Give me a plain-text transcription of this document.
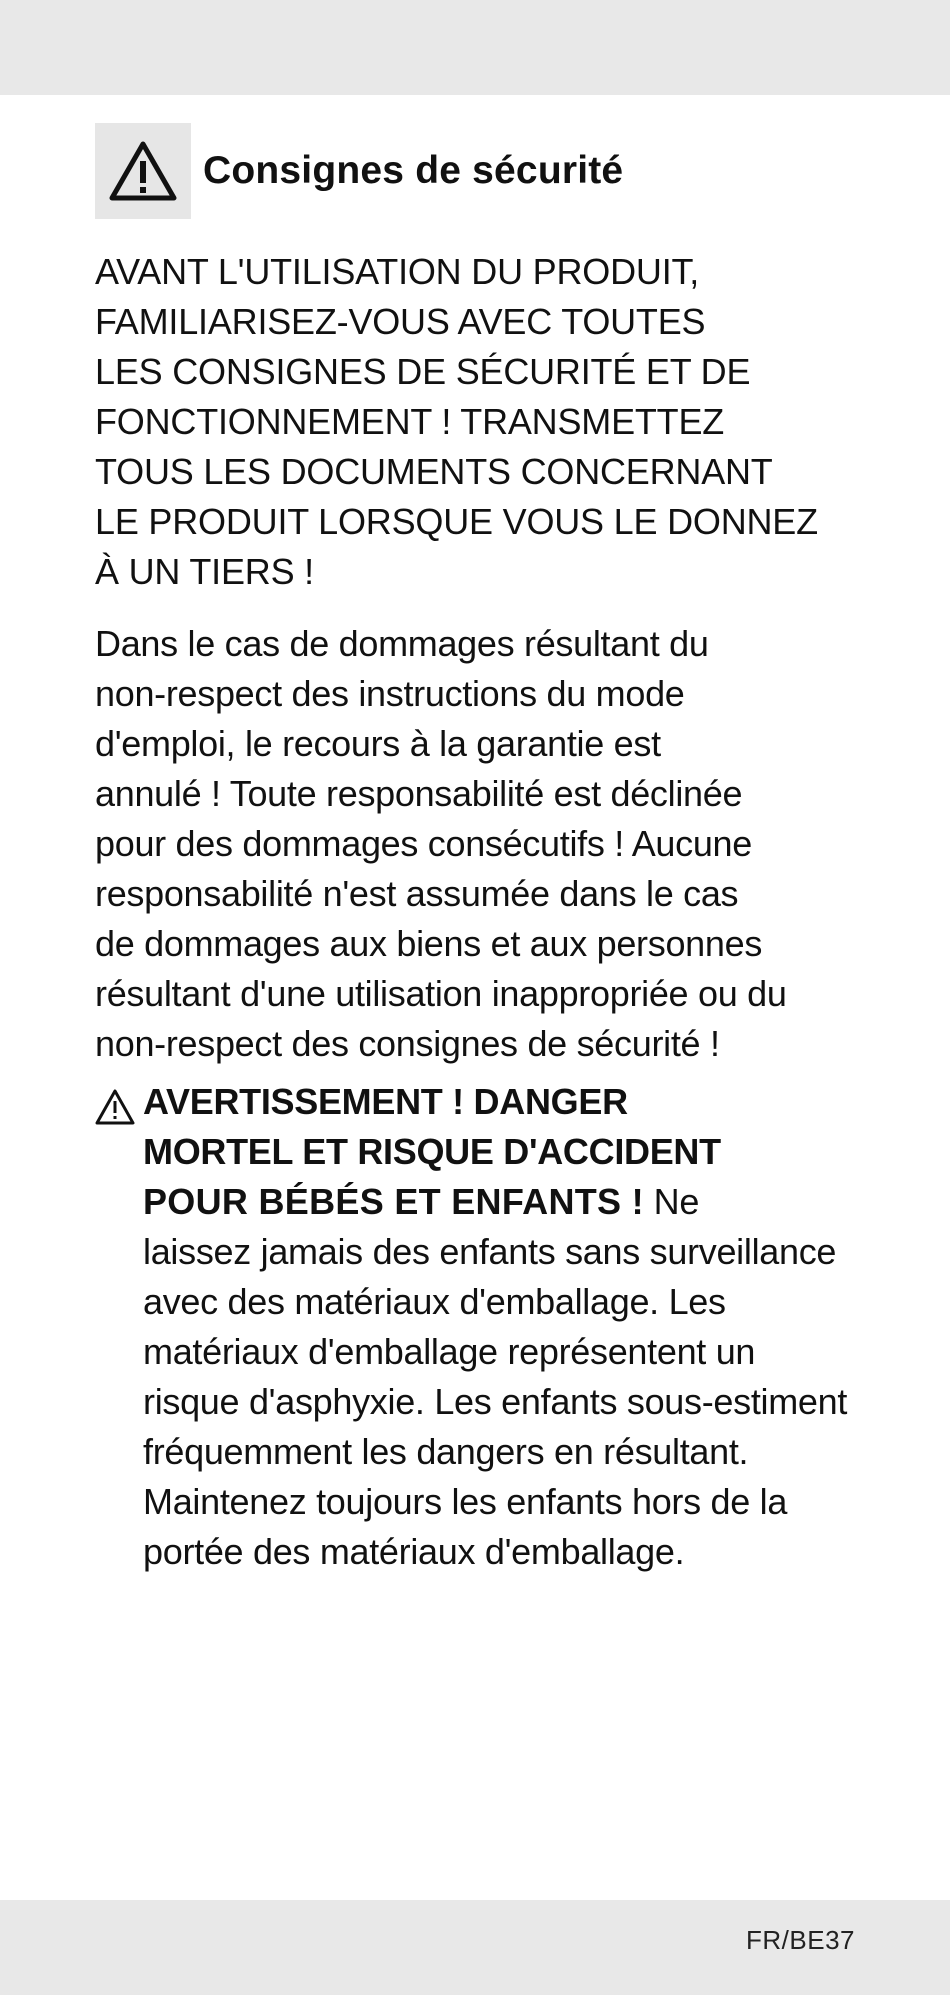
Consignes de sécurité
AVANT L'UTILISATION DU PRODUIT,
FAMILIARISEZ-VOUS AVEC TOUTES
LES CONSIGNES DE SÉCURITÉ ET DE
FONCTIONNEMENT ! TRANSMETTEZ
TOUS LES DOCUMENTS CONCERNANT
LE PRODUIT LORSQUE VOUS LE DONNEZ
À UN TIERS !
Dans le cas de dommages résultant du
non-respect des instructions du mode
d'emploi, le recours à la garantie est
annulé ! Toute responsabilité est déclinée
pour des dommages consécutifs ! Aucune
responsabilité n'est assumée dans le cas
de dommages aux biens et aux personnes
résultant d'une utilisation inappropriée ou du
non-respect des consignes de sécurité !
AVERTISSEMENT ! DANGER
MORTEL ET RISQUE D'ACCIDENT
POUR BÉBÉS ET ENFANTS ! Ne
laissez jamais des enfants sans surveillance
avec des matériaux d'emballage. Les
matériaux d'emballage représentent un
risque d'asphyxie. Les enfants sous-estiment
fréquemment les dangers en résultant.
Maintenez toujours les enfants hors de la
portée des matériaux d'emballage.
FR/BE37
